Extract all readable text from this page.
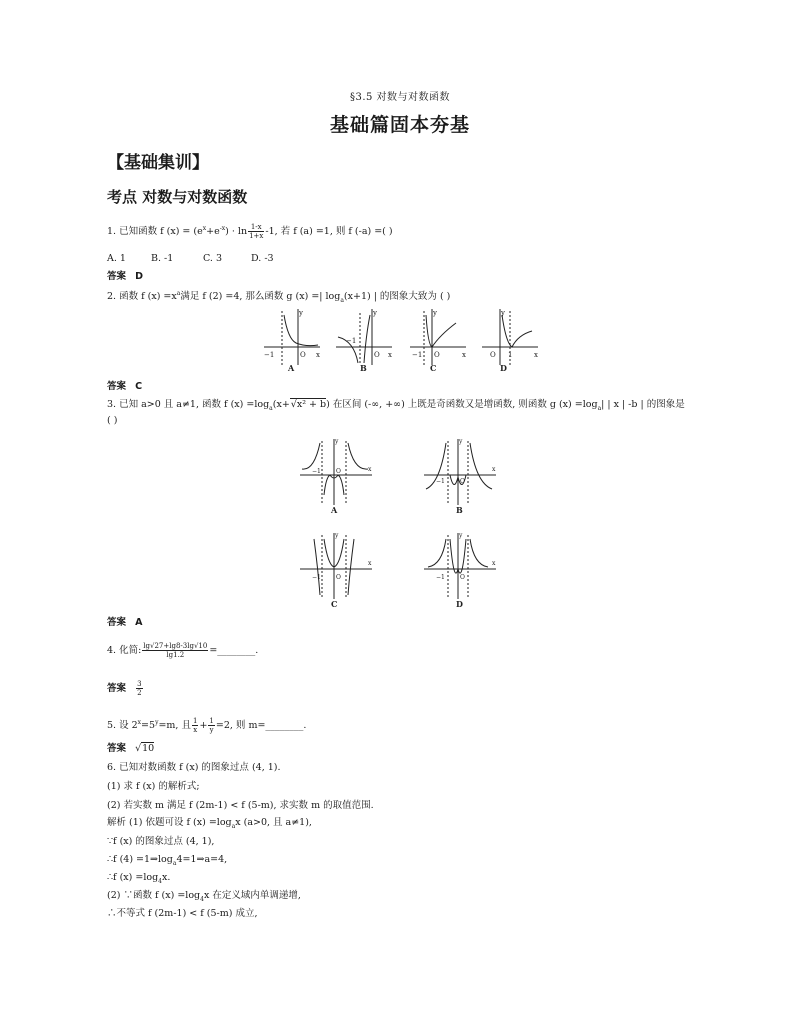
§3.5 对数与对数函数
基础篇固本夯基
【基础集训】
考点 对数与对数函数
1. 已知函数 f $(x) = (e^x+e^{-x}) \cdot \ln \frac{1-x}{1+x} -1$, 若 f (a) =1, 则 f (-a) =( )
A. 1	B. -1	C. 3	D. -3
答案 D
2. 函数 f $(x) =x^a$满足 f (2) =4, 那么函数 g (x) =| $\log_a(x+1)$ | 的图象大致为 ( )
−1	O x
y
−1
O x
y
−1 O	x
y
O 1	x
y
A	B	C	D
答案 C
3. 已知 a>0 且 a≠1, 函数 f $(x) =\log_a(x+√x^2 + b)$ 在区间 (-∞, +∞) 上既是奇函数又是增函数, 则函数 g $(x) =\log_a|$ | x | -b | 的图象是
( )
−1	O	x
y
−1	O
x
y
−1	O
x
y
−1	O
x
y
A	B
C	D
答案 A
4. 化简: $\frac{\lg√27+\lg 8-3\lg√10}{\lg 1.2}$ =________.
答案 $\frac{3}{2}$
5. 设 $2^x=5^y=m$, 且 $\frac{1}{x} + \frac{1}{y} =2$, 则 m=________.
答案   √10
6. 已知对数函数 f (x) 的图象过点 (4, 1).
(1) 求 f (x) 的解析式;
(2) 若实数 m 满足 f (2m-1) < f (5-m), 求实数 m 的取值范围.
解析 (1) 依题可设 f $(x) =\log_ax$ (a>0, 且 a≠1),
∵f (x) 的图象过点 (4, 1),
∴f $(4) =1\Rightarrow\log_a4=1\Rightarrow a=4$,
∴f $(x) =\log_4x$.
(2) ∵函数 f $(x) =\log_4x$ 在定义域内单调递增,
∴不等式 f (2m-1) < f (5-m) 成立,
